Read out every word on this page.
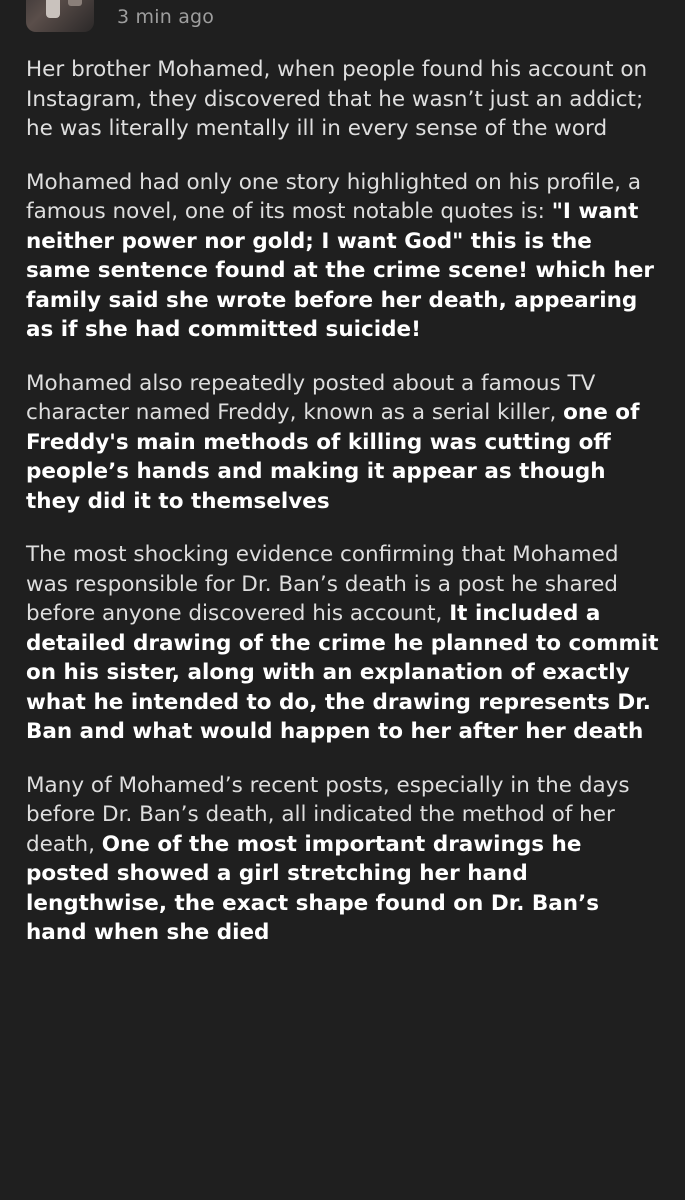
3 min ago

Her brother Mohamed, when people found his account on Instagram, they discovered that he wasn’t just an addict; he was literally mentally ill in every sense of the word

Mohamed had only one story highlighted on his profile, a famous novel, one of its most notable quotes is: "I want neither power nor gold; I want God" this is the same sentence found at the crime scene! which her family said she wrote before her death, appearing as if she had committed suicide!

Mohamed also repeatedly posted about a famous TV character named Freddy, known as a serial killer, one of Freddy's main methods of killing was cutting off people’s hands and making it appear as though they did it to themselves

The most shocking evidence confirming that Mohamed was responsible for Dr. Ban’s death is a post he shared before anyone discovered his account, It included a detailed drawing of the crime he planned to commit on his sister, along with an explanation of exactly what he intended to do, the drawing represents Dr. Ban and what would happen to her after her death

Many of Mohamed’s recent posts, especially in the days before Dr. Ban’s death, all indicated the method of her death, One of the most important drawings he posted showed a girl stretching her hand lengthwise, the exact shape found on Dr. Ban’s hand when she died
